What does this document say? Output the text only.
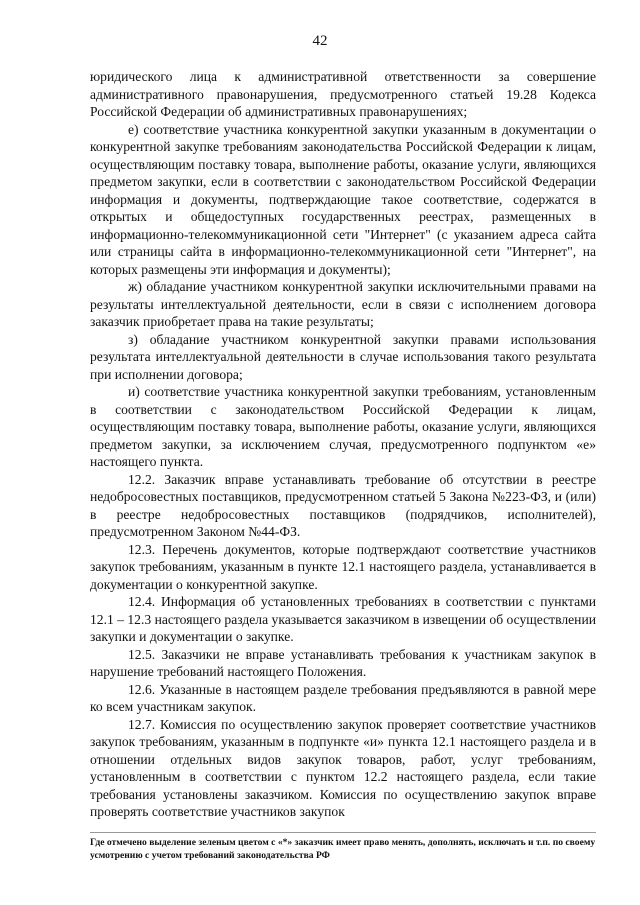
42

юридического лица к административной ответственности за совершение административного правонарушения, предусмотренного статьей 19.28 Кодекса Российской Федерации об административных правонарушениях;

е) соответствие участника конкурентной закупки указанным в документации о конкурентной закупке требованиям законодательства Российской Федерации к лицам, осуществляющим поставку товара, выполнение работы, оказание услуги, являющихся предметом закупки, если в соответствии с законодательством Российской Федерации информация и документы, подтверждающие такое соответствие, содержатся в открытых и общедоступных государственных реестрах, размещенных в информационно-телекоммуникационной сети "Интернет" (с указанием адреса сайта или страницы сайта в информационно-телекоммуникационной сети "Интернет", на которых размещены эти информация и документы);

ж) обладание участником конкурентной закупки исключительными правами на результаты интеллектуальной деятельности, если в связи с исполнением договора заказчик приобретает права на такие результаты;

з) обладание участником конкурентной закупки правами использования результата интеллектуальной деятельности в случае использования такого результата при исполнении договора;

и) соответствие участника конкурентной закупки требованиям, установленным в соответствии с законодательством Российской Федерации к лицам, осуществляющим поставку товара, выполнение работы, оказание услуги, являющихся предметом закупки, за исключением случая, предусмотренного подпунктом «е» настоящего пункта.

12.2. Заказчик вправе устанавливать требование об отсутствии в реестре недобросовестных поставщиков, предусмотренном статьей 5 Закона №223-ФЗ, и (или) в реестре недобросовестных поставщиков (подрядчиков, исполнителей), предусмотренном Законом №44-ФЗ.

12.3. Перечень документов, которые подтверждают соответствие участников закупок требованиям, указанным в пункте 12.1 настоящего раздела, устанавливается в документации о конкурентной закупке.

12.4. Информация об установленных требованиях в соответствии с пунктами 12.1 – 12.3 настоящего раздела указывается заказчиком в извещении об осуществлении закупки и документации о закупке.

12.5. Заказчики не вправе устанавливать требования к участникам закупок в нарушение требований настоящего Положения.

12.6. Указанные в настоящем разделе требования предъявляются в равной мере ко всем участникам закупок.

12.7. Комиссия по осуществлению закупок проверяет соответствие участников закупок требованиям, указанным в подпункте «и» пункта 12.1 настоящего раздела и в отношении отдельных видов закупок товаров, работ, услуг требованиям, установленным в соответствии с пунктом 12.2 настоящего раздела, если такие требования установлены заказчиком. Комиссия по осуществлению закупок вправе проверять соответствие участников закупок

Где отмечено выделение зеленым цветом с «*» заказчик имеет право менять, дополнять, исключать и т.п. по своему усмотрению с учетом требований законодательства РФ
